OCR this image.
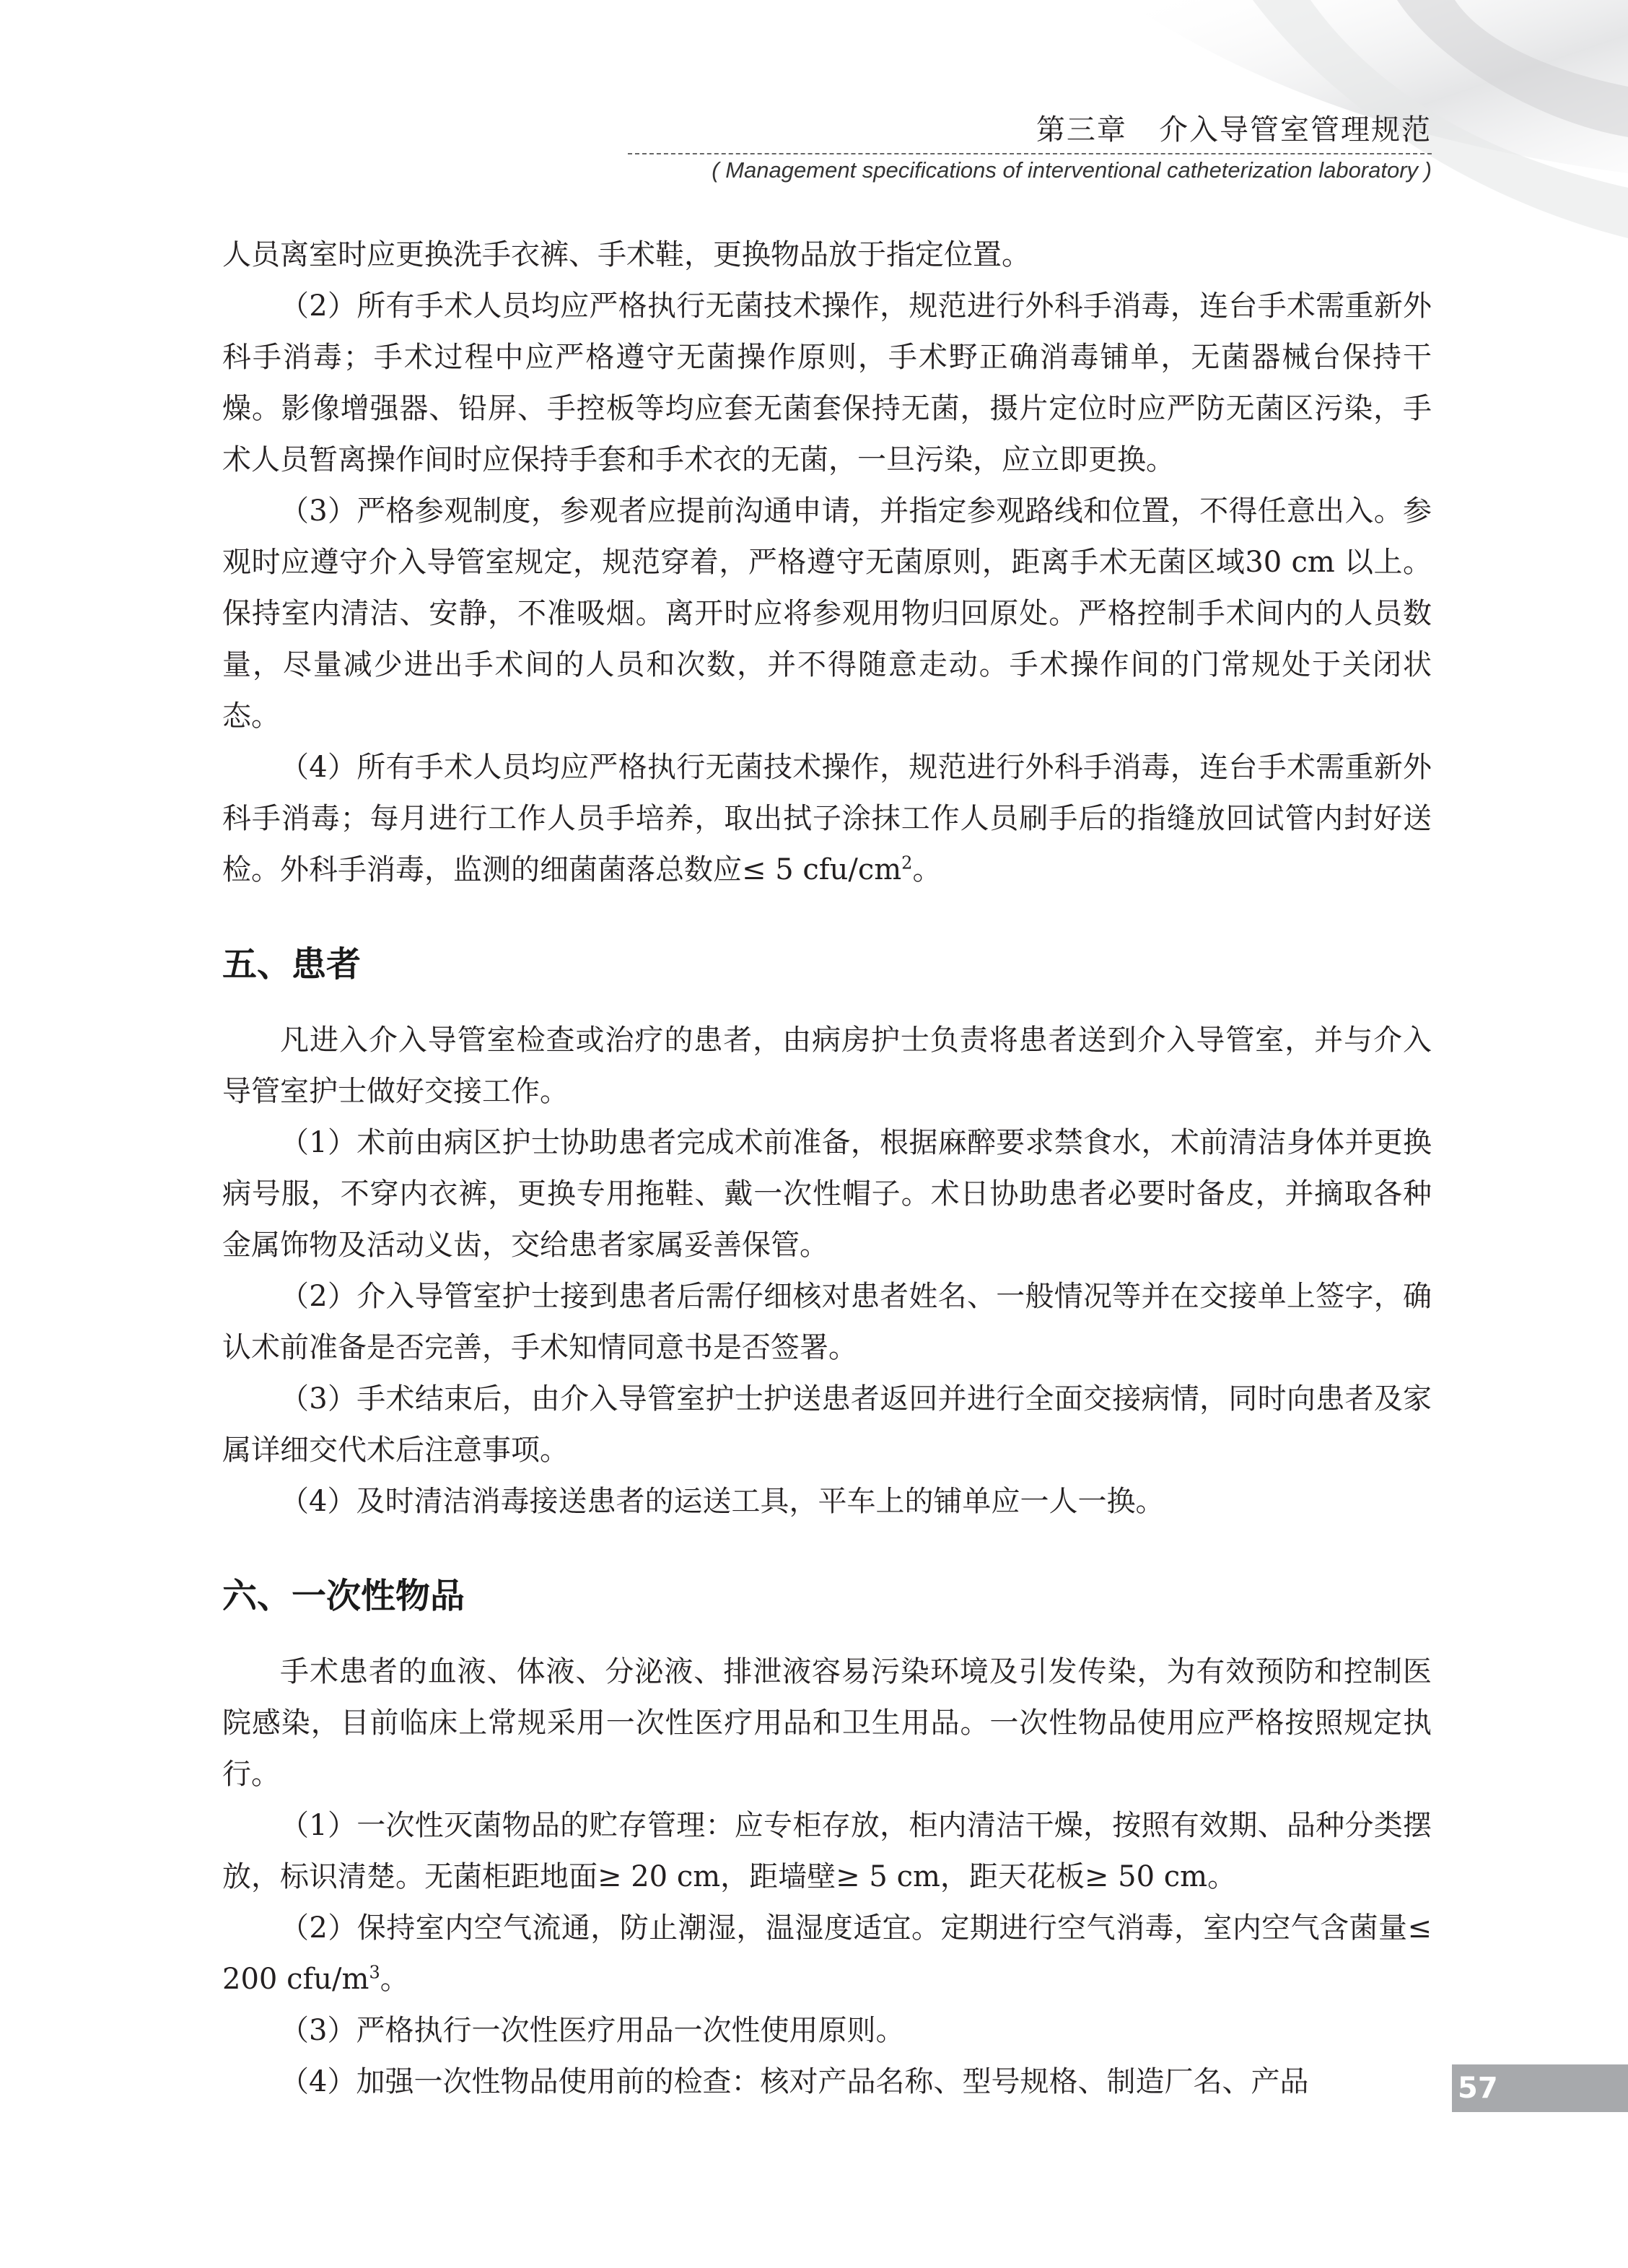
第三章   介入导管室管理规范
( Management specifications of interventional catheterization laboratory )

人员离室时应更换洗手衣裤、手术鞋，更换物品放于指定位置。

（2）所有手术人员均应严格执行无菌技术操作，规范进行外科手消毒，连台手术需重新外科手消毒；手术过程中应严格遵守无菌操作原则，手术野正确消毒铺单，无菌器械台保持干燥。影像增强器、铅屏、手控板等均应套无菌套保持无菌，摄片定位时应严防无菌区污染，手术人员暂离操作间时应保持手套和手术衣的无菌，一旦污染，应立即更换。

（3）严格参观制度，参观者应提前沟通申请，并指定参观路线和位置，不得任意出入。参观时应遵守介入导管室规定，规范穿着，严格遵守无菌原则，距离手术无菌区域30 cm 以上。保持室内清洁、安静，不准吸烟。离开时应将参观用物归回原处。严格控制手术间内的人员数量，尽量减少进出手术间的人员和次数，并不得随意走动。手术操作间的门常规处于关闭状态。

（4）所有手术人员均应严格执行无菌技术操作，规范进行外科手消毒，连台手术需重新外科手消毒；每月进行工作人员手培养，取出拭子涂抹工作人员刷手后的指缝放回试管内封好送检。外科手消毒，监测的细菌菌落总数应≤ 5 cfu/$cm^2$。

五、患者

凡进入介入导管室检查或治疗的患者，由病房护士负责将患者送到介入导管室，并与介入导管室护士做好交接工作。

（1）术前由病区护士协助患者完成术前准备，根据麻醉要求禁食水，术前清洁身体并更换病号服，不穿内衣裤，更换专用拖鞋、戴一次性帽子。术日协助患者必要时备皮，并摘取各种金属饰物及活动义齿，交给患者家属妥善保管。

（2）介入导管室护士接到患者后需仔细核对患者姓名、一般情况等并在交接单上签字，确认术前准备是否完善，手术知情同意书是否签署。

（3）手术结束后，由介入导管室护士护送患者返回并进行全面交接病情，同时向患者及家属详细交代术后注意事项。

（4）及时清洁消毒接送患者的运送工具，平车上的铺单应一人一换。

六、一次性物品

手术患者的血液、体液、分泌液、排泄液容易污染环境及引发传染，为有效预防和控制医院感染，目前临床上常规采用一次性医疗用品和卫生用品。一次性物品使用应严格按照规定执行。

（1）一次性灭菌物品的贮存管理：应专柜存放，柜内清洁干燥，按照有效期、品种分类摆放，标识清楚。无菌柜距地面≥ 20 cm，距墙壁≥ 5 cm，距天花板≥ 50 cm。

（2）保持室内空气流通，防止潮湿，温湿度适宜。定期进行空气消毒，室内空气含菌量≤ 200 cfu/$m^3$。

（3）严格执行一次性医疗用品一次性使用原则。

（4）加强一次性物品使用前的检查：核对产品名称、型号规格、制造厂名、产品	57
